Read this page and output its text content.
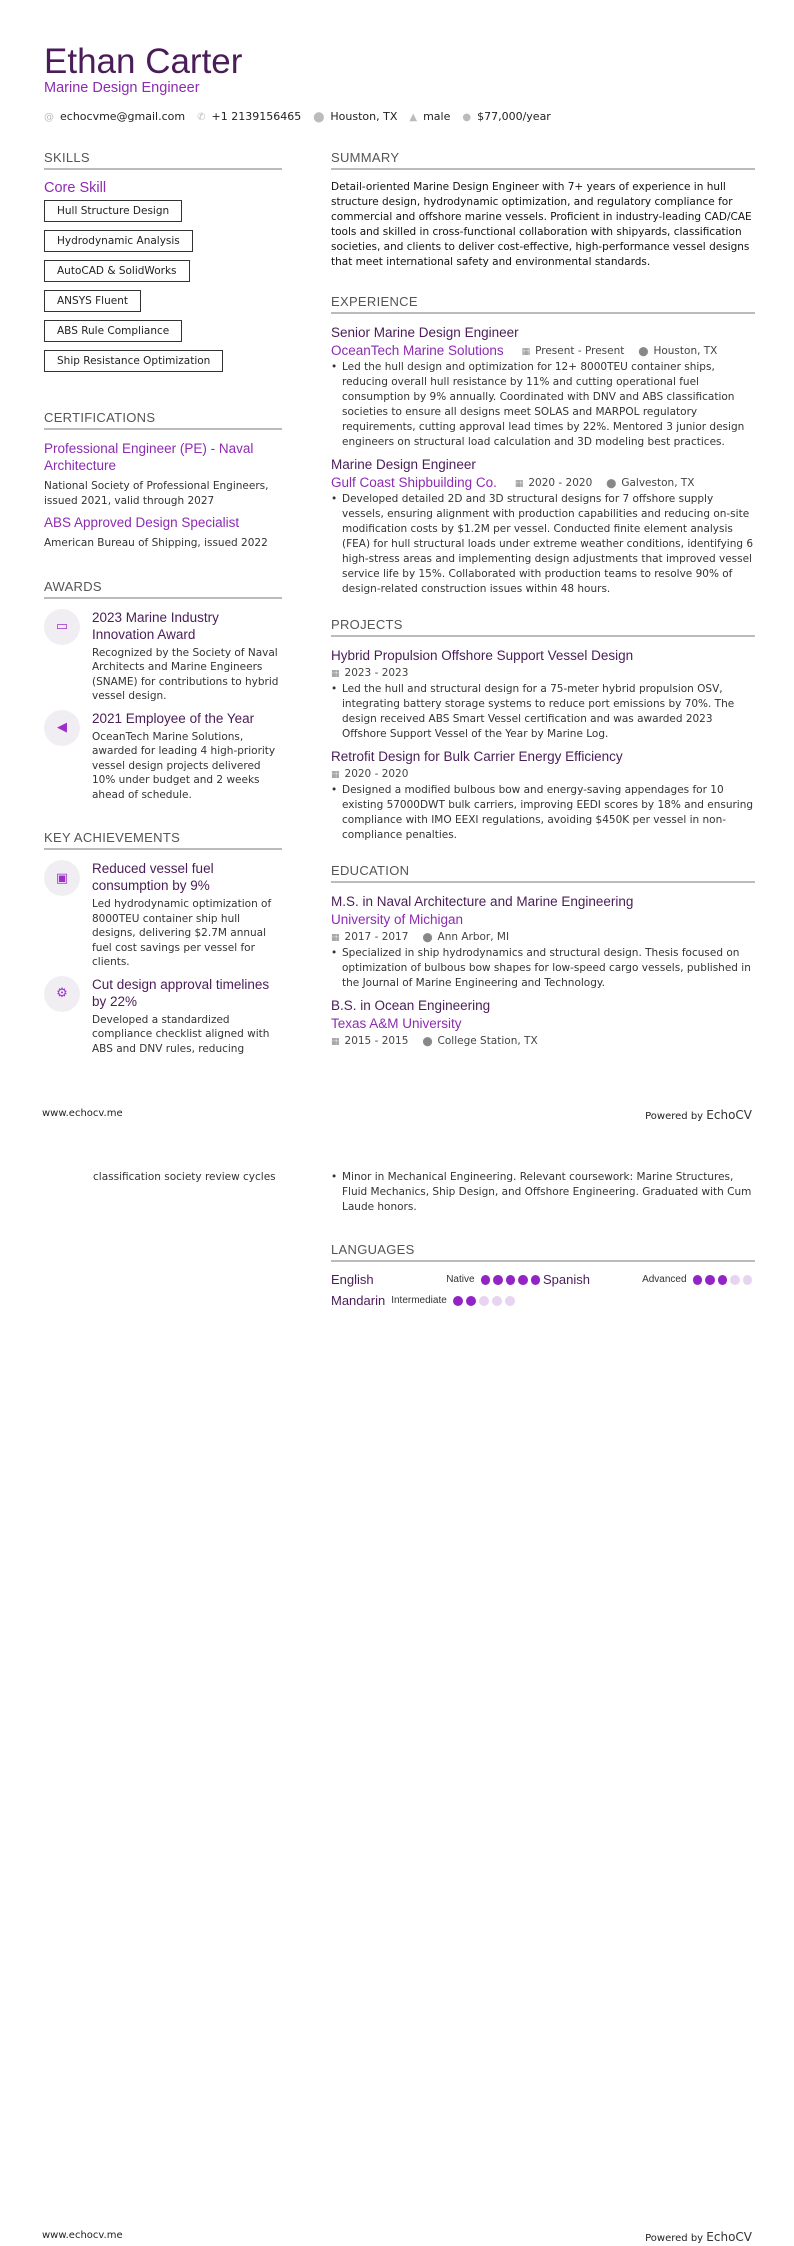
Ethan Carter
Marine Design Engineer
@ echocvme@gmail.com ✆ +1 2139156465 ⬤ Houston, TX ▲ male ● $77,000/year
SKILLS
Core Skill
Hull Structure Design
Hydrodynamic Analysis
AutoCAD & SolidWorks
ANSYS Fluent
ABS Rule Compliance
Ship Resistance Optimization
CERTIFICATIONS
Professional Engineer (PE) - Naval Architecture
National Society of Professional Engineers, issued 2021, valid through 2027
ABS Approved Design Specialist
American Bureau of Shipping, issued 2022
AWARDS
▭
2023 Marine Industry Innovation Award
Recognized by the Society of Naval Architects and Marine Engineers (SNAME) for contributions to hybrid vessel design.
◀
2021 Employee of the Year
OceanTech Marine Solutions, awarded for leading 4 high-priority vessel design projects delivered 10% under budget and 2 weeks ahead of schedule.
KEY ACHIEVEMENTS
▣
Reduced vessel fuel consumption by 9%
Led hydrodynamic optimization of 8000TEU container ship hull designs, delivering $2.7M annual fuel cost savings per vessel for clients.
⚙
Cut design approval timelines by 22%
Developed a standardized compliance checklist aligned with ABS and DNV rules, reducing
SUMMARY
Detail-oriented Marine Design Engineer with 7+ years of experience in hull structure design, hydrodynamic optimization, and regulatory compliance for commercial and offshore marine vessels. Proficient in industry-leading CAD/CAE tools and skilled in cross-functional collaboration with shipyards, classification societies, and clients to deliver cost-effective, high-performance vessel designs that meet international safety and environmental standards.
EXPERIENCE
Senior Marine Design Engineer
OceanTech Marine Solutions ▦ Present - Present ⬤ Houston, TX
• Led the hull design and optimization for 12+ 8000TEU container ships, reducing overall hull resistance by 11% and cutting operational fuel consumption by 9% annually. Coordinated with DNV and ABS classification societies to ensure all designs meet SOLAS and MARPOL regulatory requirements, cutting approval lead times by 22%. Mentored 3 junior design engineers on structural load calculation and 3D modeling best practices.
Marine Design Engineer
Gulf Coast Shipbuilding Co. ▦ 2020 - 2020 ⬤ Galveston, TX
• Developed detailed 2D and 3D structural designs for 7 offshore supply vessels, ensuring alignment with production capabilities and reducing on-site modification costs by $1.2M per vessel. Conducted finite element analysis (FEA) for hull structural loads under extreme weather conditions, identifying 6 high-stress areas and implementing design adjustments that improved vessel service life by 15%. Collaborated with production teams to resolve 90% of design-related construction issues within 48 hours.
PROJECTS
Hybrid Propulsion Offshore Support Vessel Design
▦ 2023 - 2023
• Led the hull and structural design for a 75-meter hybrid propulsion OSV, integrating battery storage systems to reduce port emissions by 70%. The design received ABS Smart Vessel certification and was awarded 2023 Offshore Support Vessel of the Year by Marine Log.
Retrofit Design for Bulk Carrier Energy Efficiency
▦ 2020 - 2020
• Designed a modified bulbous bow and energy-saving appendages for 10 existing 57000DWT bulk carriers, improving EEDI scores by 18% and ensuring compliance with IMO EEXI regulations, avoiding $450K per vessel in non-compliance penalties.
EDUCATION
M.S. in Naval Architecture and Marine Engineering
University of Michigan
▦ 2017 - 2017 ⬤ Ann Arbor, MI
• Specialized in ship hydrodynamics and structural design. Thesis focused on optimization of bulbous bow shapes for low-speed cargo vessels, published in the Journal of Marine Engineering and Technology.
B.S. in Ocean Engineering
Texas A&M University
▦ 2015 - 2015 ⬤ College Station, TX
www.echocv.me	Powered by EchoCV
classification society review cycles	• Minor in Mechanical Engineering. Relevant coursework: Marine Structures, Fluid Mechanics, Ship Design, and Offshore Engineering. Graduated with Cum Laude honors.
LANGUAGES
English	Native	Spanish	Advanced
Mandarin Intermediate
www.echocv.me	Powered by EchoCV
